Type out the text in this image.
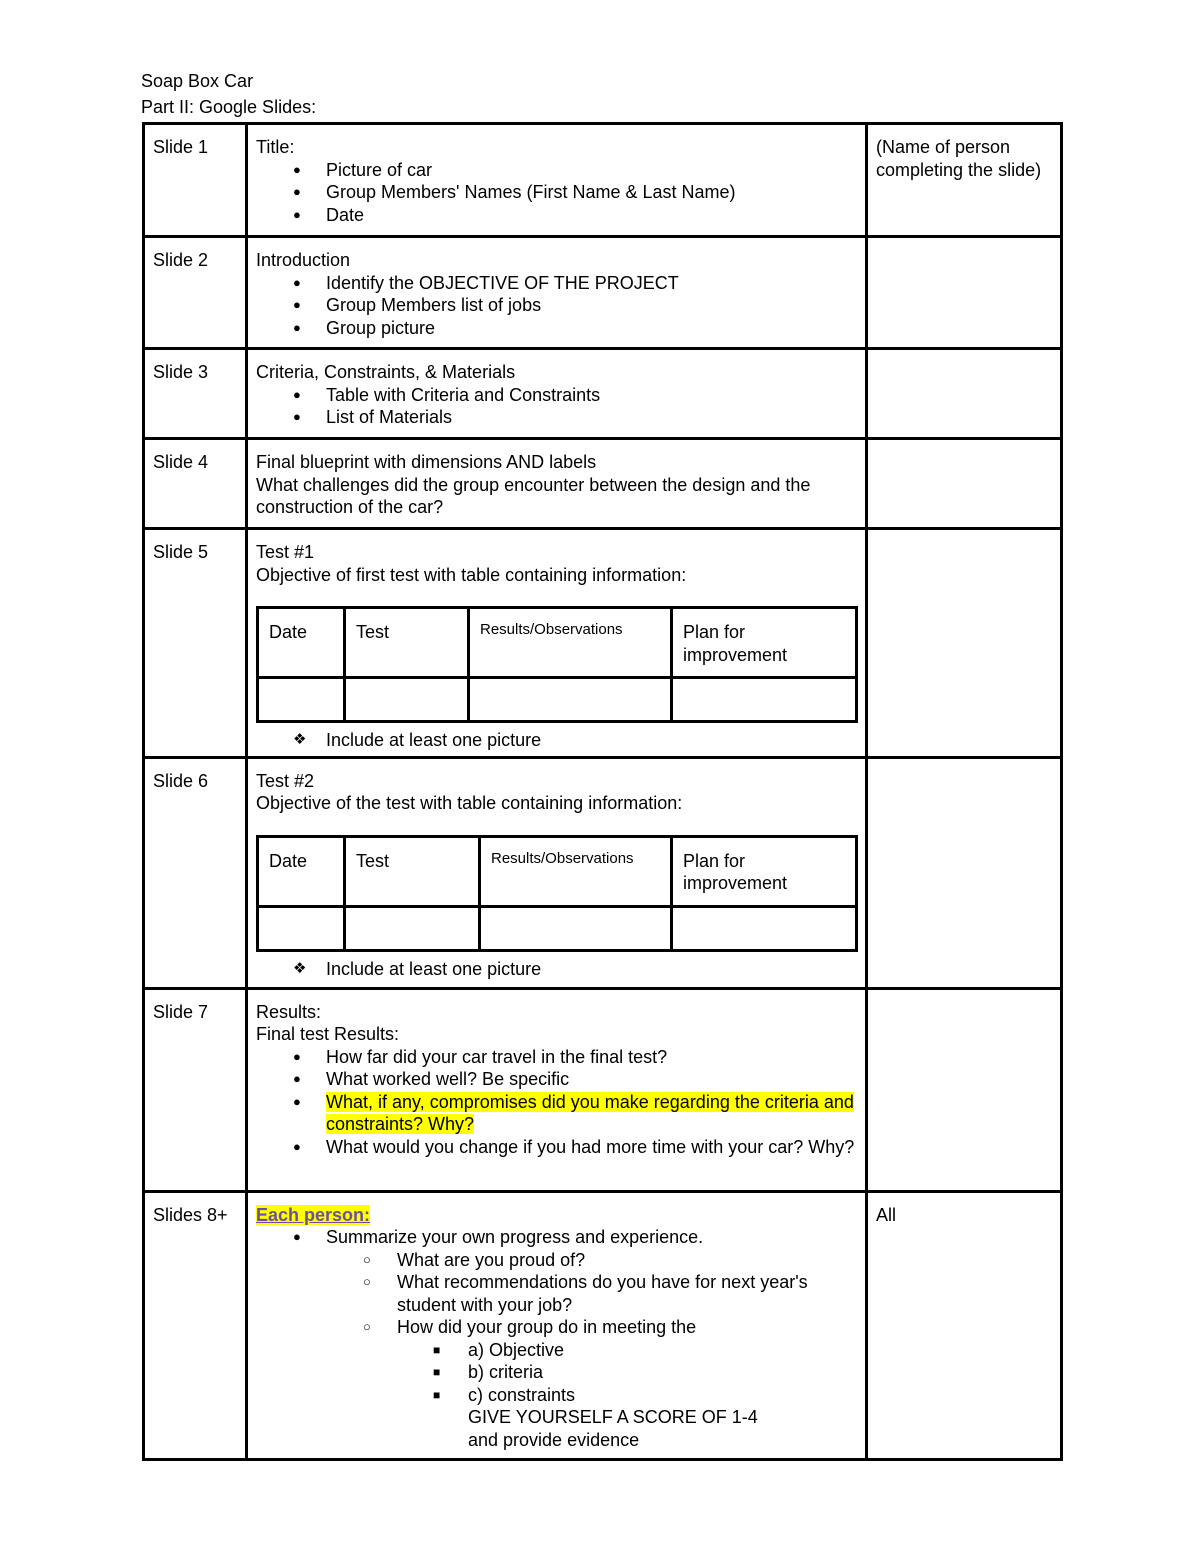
Soap Box Car
Part II: Google Slides:
Slide 1	Title:
● Picture of car
● Group Members' Names (First Name & Last Name)
● Date
	(Name of person completing the slide)
Slide 2	Introduction
● Identify the OBJECTIVE OF THE PROJECT
● Group Members list of jobs
● Group picture

Slide 3	Criteria, Constraints, & Materials
● Table with Criteria and Constraints
● List of Materials

Slide 4	Final blueprint with dimensions AND labels
What challenges did the group encounter between the design and the construction of the car?

Slide 5	Test #1
Objective of first test with table containing information:
Date	Test	Results/Observations	Plan for improvement

❖ Include at least one picture

Slide 6	Test #2
Objective of the test with table containing information:
Date	Test	Results/Observations	Plan for improvement

❖ Include at least one picture

Slide 7	Results:
Final test Results:
● How far did your car travel in the final test?
● What worked well? Be specific
● What, if any, compromises did you make regarding the criteria and constraints? Why?
● What would you change if you had more time with your car? Why?

Slides 8+	Each person:
● Summarize your own progress and experience.
○ What are you proud of?
○ What recommendations do you have for next year's student with your job?
○ How did your group do in meeting the
■ a) Objective
■ b) criteria
■ c) constraints
GIVE YOURSELF A SCORE OF 1-4
and provide evidence
	All
